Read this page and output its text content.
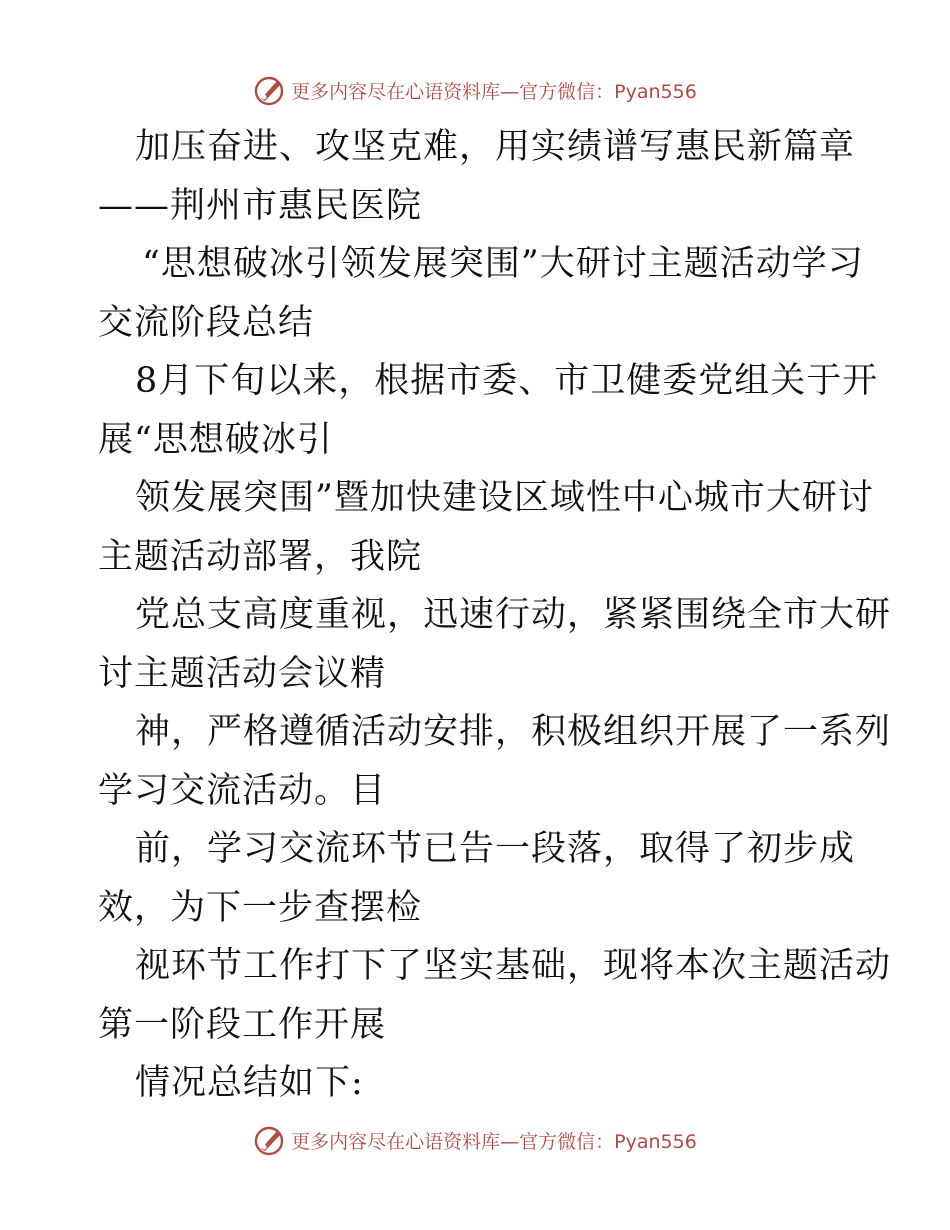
更多内容尽在心语资料库—官方微信：Pyan556
加压奋进、攻坚克难，用实绩谱写惠民新篇章
——荆州市惠民医院
“思想破冰引领发展突围”大研讨主题活动学习
交流阶段总结
8月下旬以来，根据市委、市卫健委党组关于开
展“思想破冰引
领发展突围”暨加快建设区域性中心城市大研讨
主题活动部署，我院
党总支高度重视，迅速行动，紧紧围绕全市大研
讨主题活动会议精
神，严格遵循活动安排，积极组织开展了一系列
学习交流活动。目
前，学习交流环节已告一段落，取得了初步成
效，为下一步查摆检
视环节工作打下了坚实基础，现将本次主题活动
第一阶段工作开展
情况总结如下:
更多内容尽在心语资料库—官方微信：Pyan556
